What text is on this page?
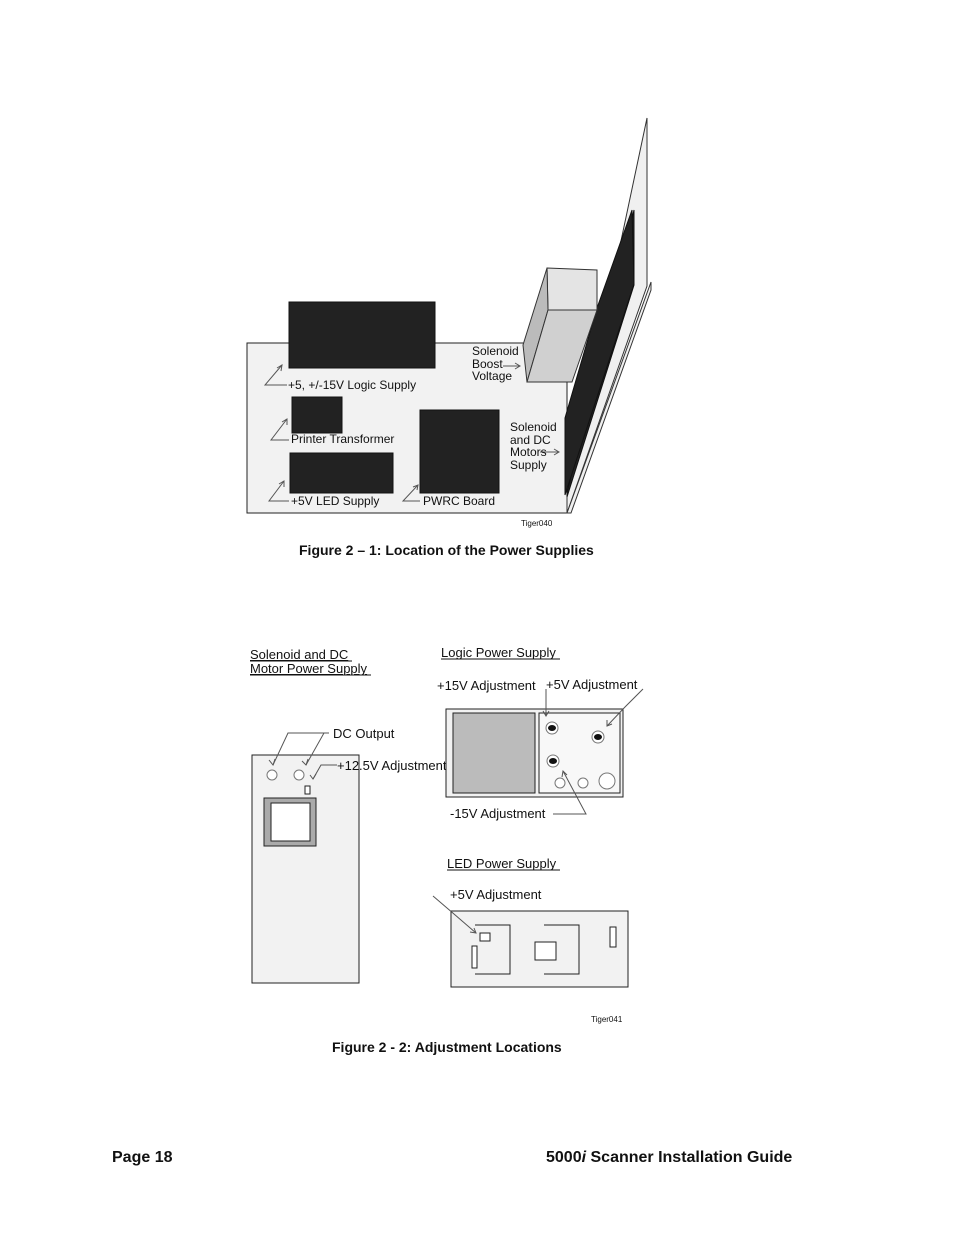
+5, +/-15V Logic Supply
Printer Transformer
+5V LED Supply	PWRC Board
Solenoid
Boost
Voltage
Solenoid
and DC
Motors
Supply
Tiger040
Figure 2 – 1: Location of the Power Supplies
Solenoid and DC
Motor Power Supply
DC Output
+12.5V Adjustment
Logic Power Supply
+15V Adjustment +5V Adjustment
-15V Adjustment
LED Power Supply
+5V Adjustment
Tiger041
Figure 2 - 2: Adjustment Locations
Page 18	5000i Scanner Installation Guide
